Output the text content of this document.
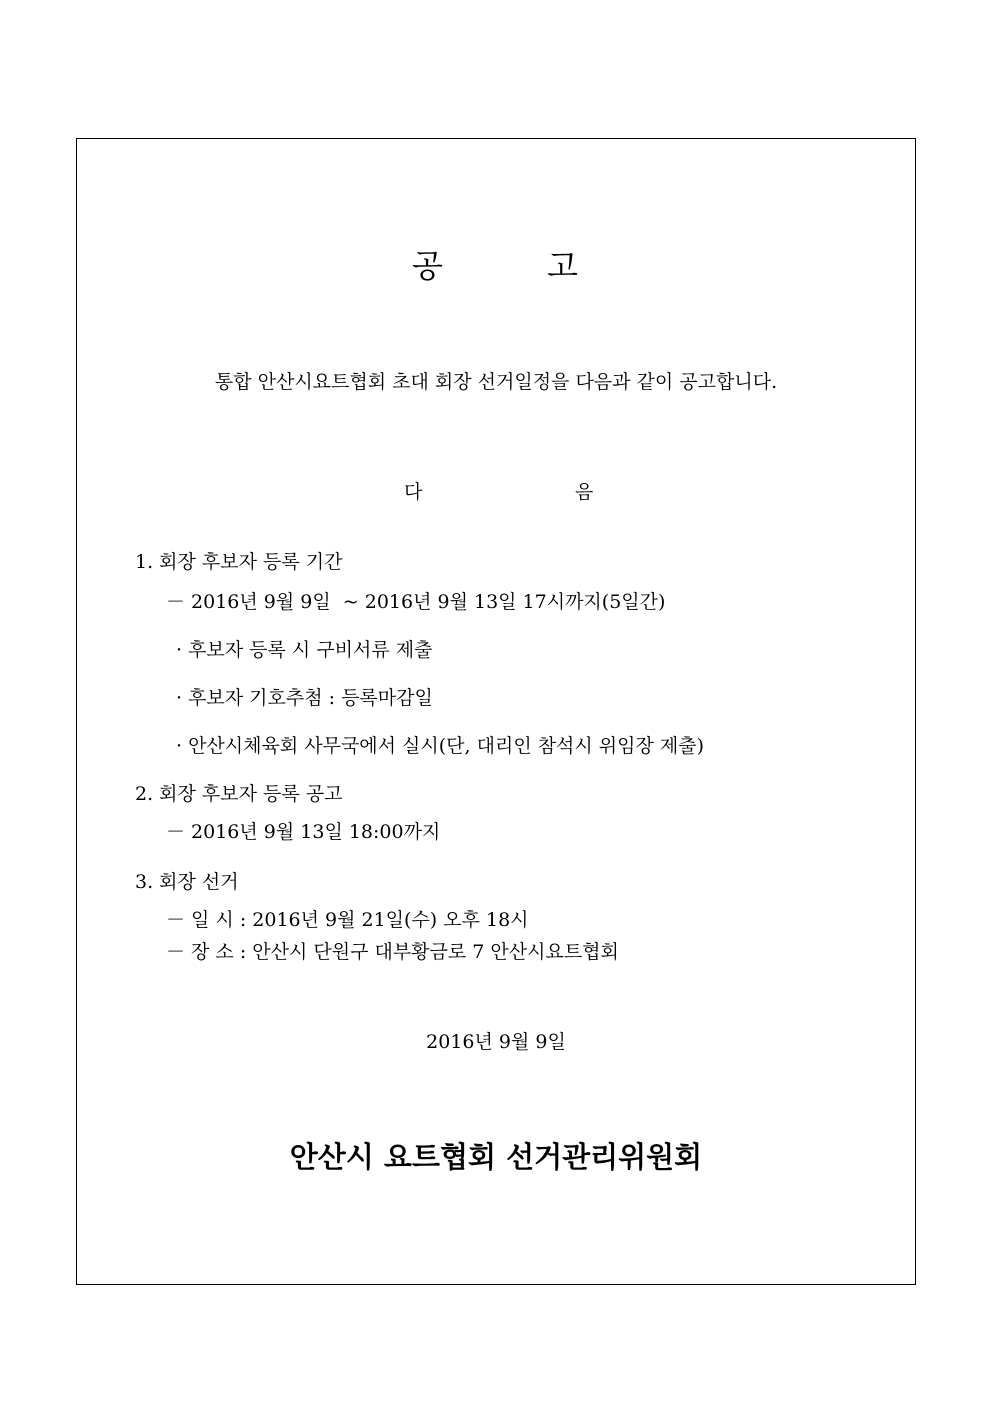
공	고
통합 안산시요트협회 초대 회장 선거일정을 다음과 같이 공고합니다.
다	음
1. 회장 후보자 등록 기간
－ 2016년 9월 9일  ~ 2016년 9월 13일 17시까지(5일간)
· 후보자 등록 시 구비서류 제출
· 후보자 기호추첨 : 등록마감일
· 안산시체육회 사무국에서 실시(단, 대리인 참석시 위임장 제출)
2. 회장 후보자 등록 공고
－ 2016년 9월 13일 18:00까지
3. 회장 선거
－ 일 시 : 2016년 9월 21일(수) 오후 18시
－ 장 소 : 안산시 단원구 대부황금로 7 안산시요트협회
2016년 9월 9일
안산시 요트협회 선거관리위원회
